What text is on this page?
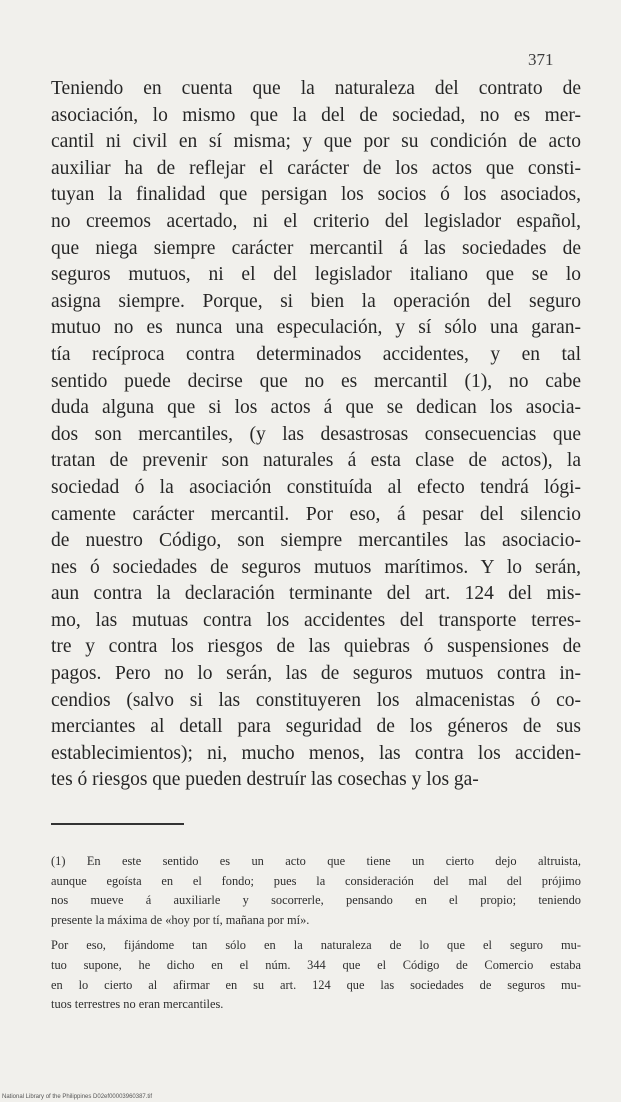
371
Teniendo en cuenta que la naturaleza del contrato de
asociación, lo mismo que la del de sociedad, no es mer-
cantil ni civil en sí misma; y que por su condición de acto
auxiliar ha de reflejar el carácter de los actos que consti-
tuyan la finalidad que persigan los socios ó los asociados,
no creemos acertado, ni el criterio del legislador español,
que niega siempre carácter mercantil á las sociedades de
seguros mutuos, ni el del legislador italiano que se lo
asigna siempre. Porque, si bien la operación del seguro
mutuo no es nunca una especulación, y sí sólo una garan-
tía recíproca contra determinados accidentes, y en tal
sentido puede decirse que no es mercantil (1), no cabe
duda alguna que si los actos á que se dedican los asocia-
dos son mercantiles, (y las desastrosas consecuencias que
tratan de prevenir son naturales á esta clase de actos), la
sociedad ó la asociación constituída al efecto tendrá lógi-
camente carácter mercantil. Por eso, á pesar del silencio
de nuestro Código, son siempre mercantiles las asociacio-
nes ó sociedades de seguros mutuos marítimos. Y lo serán,
aun contra la declaración terminante del art. 124 del mis-
mo, las mutuas contra los accidentes del transporte terres-
tre y contra los riesgos de las quiebras ó suspensiones de
pagos. Pero no lo serán, las de seguros mutuos contra in-
cendios (salvo si las constituyeren los almacenistas ó co-
merciantes al detall para seguridad de los géneros de sus
establecimientos); ni, mucho menos, las contra los acciden-
tes ó riesgos que pueden destruír las cosechas y los ga-
(1) En este sentido es un acto que tiene un cierto dejo altruista,
aunque egoísta en el fondo; pues la consideración del mal del prójimo
nos mueve á auxiliarle y socorrerle, pensando en el propio; teniendo
presente la máxima de «hoy por tí, mañana por mí».
Por eso, fijándome tan sólo en la naturaleza de lo que el seguro mu-
tuo supone, he dicho en el núm. 344 que el Código de Comercio estaba
en lo cierto al afirmar en su art. 124 que las sociedades de seguros mu-
tuos terrestres no eran mercantiles.
National Library of the Philippines D02ef00003960387.tif
